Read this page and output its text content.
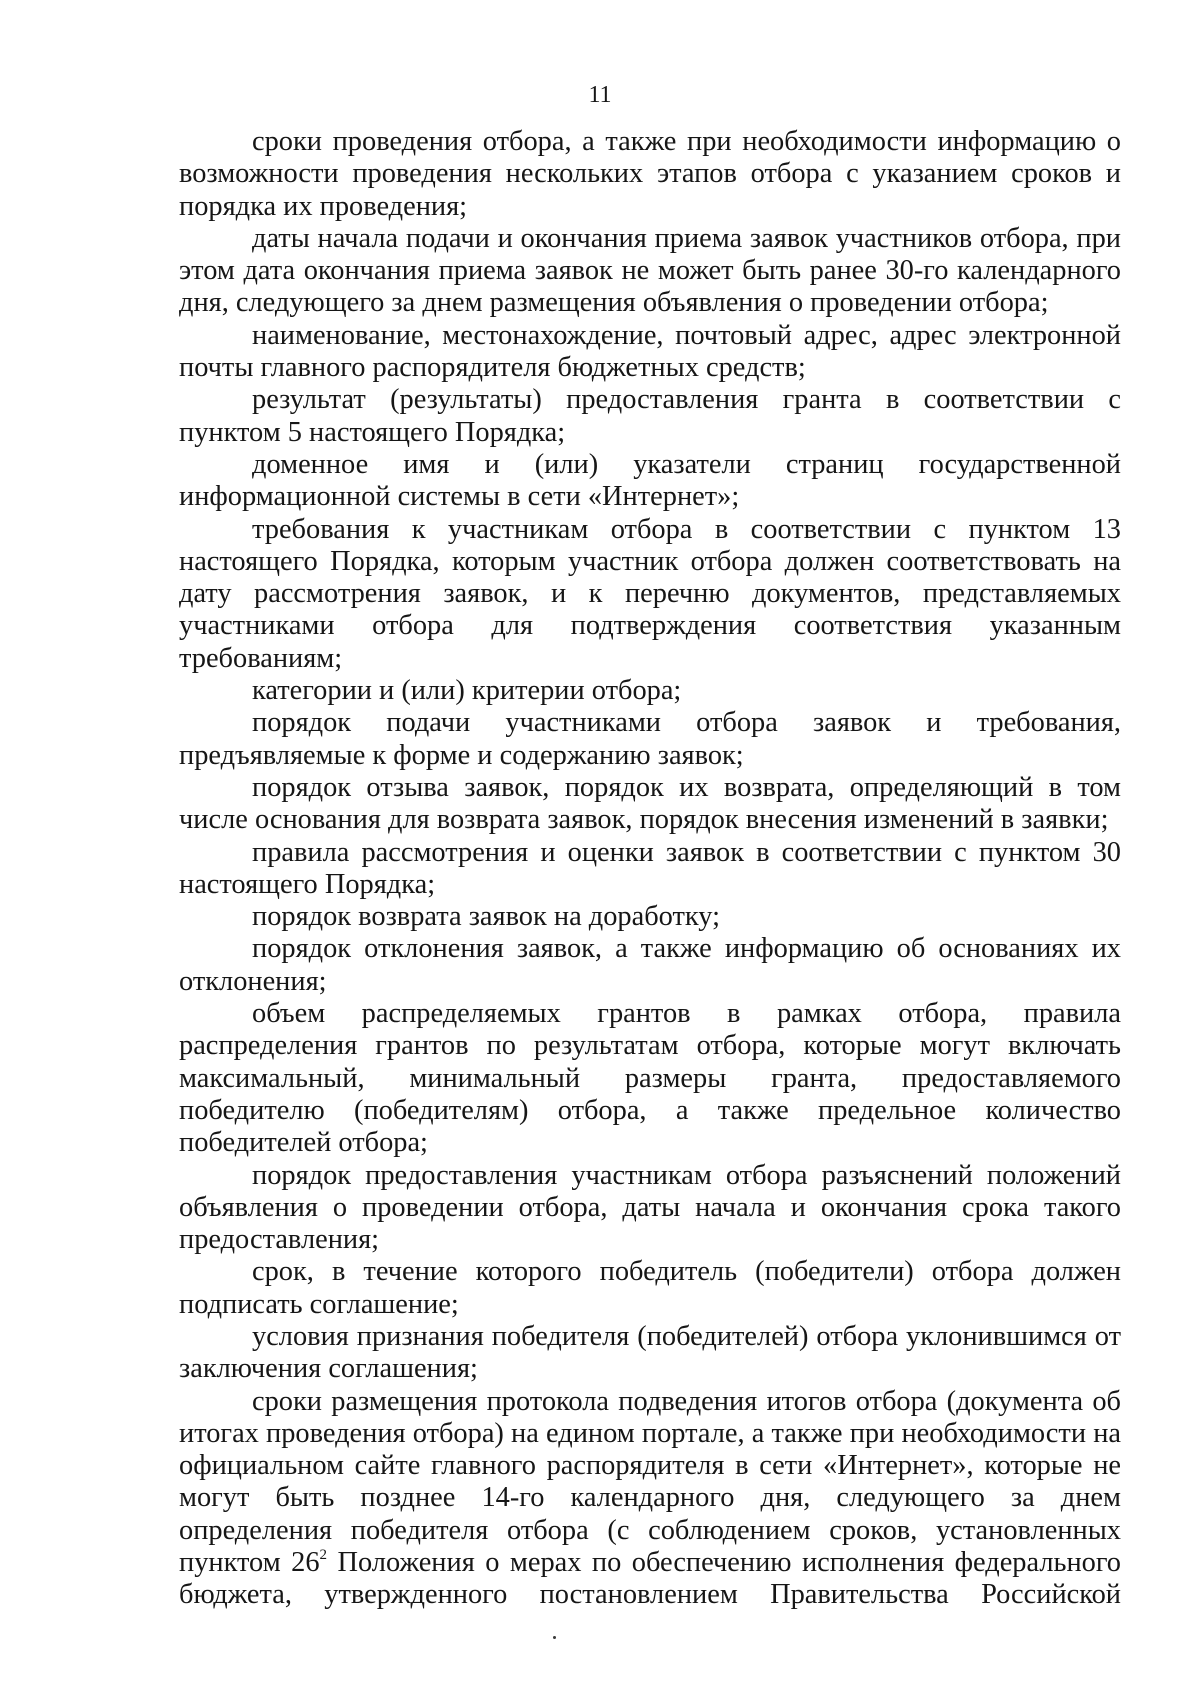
11

сроки проведения отбора, а также при необходимости информацию о возможности проведения нескольких этапов отбора с указанием сроков и порядка их проведения;

даты начала подачи и окончания приема заявок участников отбора, при этом дата окончания приема заявок не может быть ранее 30-го календарного дня, следующего за днем размещения объявления о проведении отбора;

наименование, местонахождение, почтовый адрес, адрес электронной почты главного распорядителя бюджетных средств;

результат (результаты) предоставления гранта в соответствии с пунктом 5 настоящего Порядка;

доменное имя и (или) указатели страниц государственной информационной системы в сети «Интернет»;

требования к участникам отбора в соответствии с пунктом 13 настоящего Порядка, которым участник отбора должен соответствовать на дату рассмотрения заявок, и к перечню документов, представляемых участниками отбора для подтверждения соответствия указанным требованиям;

категории и (или) критерии отбора;

порядок подачи участниками отбора заявок и требования, предъявляемые к форме и содержанию заявок;

порядок отзыва заявок, порядок их возврата, определяющий в том числе основания для возврата заявок, порядок внесения изменений в заявки;

правила рассмотрения и оценки заявок в соответствии с пунктом 30 настоящего Порядка;

порядок возврата заявок на доработку;

порядок отклонения заявок, а также информацию об основаниях их отклонения;

объем распределяемых грантов в рамках отбора, правила распределения грантов по результатам отбора, которые могут включать максимальный, минимальный размеры гранта, предоставляемого победителю (победителям) отбора, а также предельное количество победителей отбора;

порядок предоставления участникам отбора разъяснений положений объявления о проведении отбора, даты начала и окончания срока такого предоставления;

срок, в течение которого победитель (победители) отбора должен подписать соглашение;

условия признания победителя (победителей) отбора уклонившимся от заключения соглашения;

сроки размещения протокола подведения итогов отбора (документа об итогах проведения отбора) на едином портале, а также при необходимости на официальном сайте главного распорядителя в сети «Интернет», которые не могут быть позднее 14-го календарного дня, следующего за днем определения победителя отбора (с соблюдением сроков, установленных пунктом $26^2$ Положения о мерах по обеспечению исполнения федерального бюджета, утвержденного постановлением Правительства Российской
